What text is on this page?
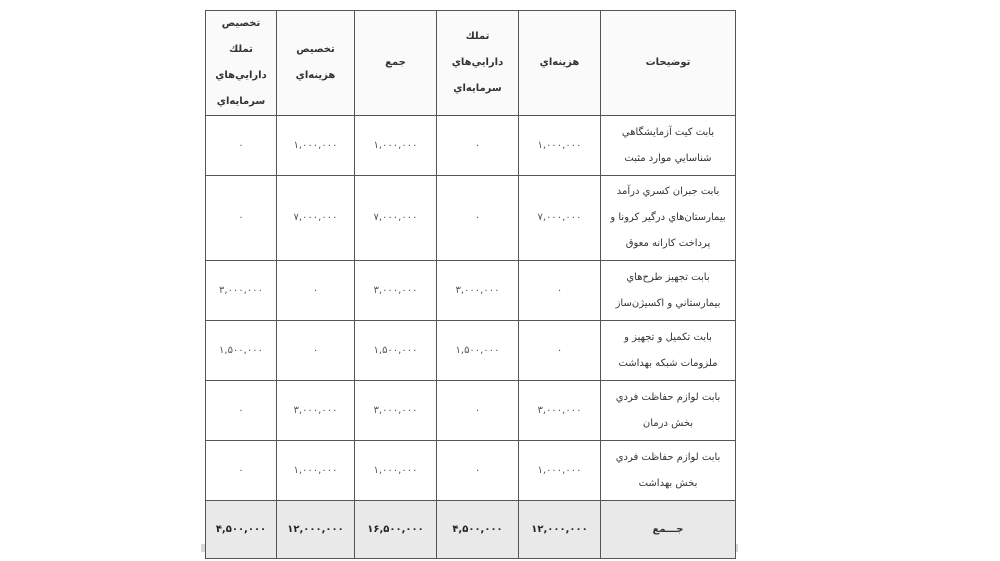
توضيحات	هزينه‌اي	تملك دارايي‌هاي سرمايه‌اي	جمع	تخصيص هزينه‌اي	تخصيص تملك دارايي‌هاي سرمايه‌اي
بابت كيت آزمايشگاهي شناسايي موارد مثبت	۱,۰۰۰,۰۰۰	۰	۱,۰۰۰,۰۰۰	۱,۰۰۰,۰۰۰	۰
بابت جبران كسري درآمد بيمارستان‌هاي درگير كرونا و پرداخت كارانه معوق	۷,۰۰۰,۰۰۰	۰	۷,۰۰۰,۰۰۰	۷,۰۰۰,۰۰۰	۰
بابت تجهيز طرح‌هاي بيمارستاني و اكسيژن‌ساز	۰	۳,۰۰۰,۰۰۰	۳,۰۰۰,۰۰۰	۰	۳,۰۰۰,۰۰۰
بابت تكميل و تجهيز و ملزومات شبكه بهداشت	۰	۱,۵۰۰,۰۰۰	۱,۵۰۰,۰۰۰	۰	۱,۵۰۰,۰۰۰
بابت لوازم حفاظت فردي بخش درمان	۳,۰۰۰,۰۰۰	۰	۳,۰۰۰,۰۰۰	۳,۰۰۰,۰۰۰	۰
بابت لوازم حفاظت فردي بخش بهداشت	۱,۰۰۰,۰۰۰	۰	۱,۰۰۰,۰۰۰	۱,۰۰۰,۰۰۰	۰
جـــمع	۱۲,۰۰۰,۰۰۰	۴,۵۰۰,۰۰۰	۱۶,۵۰۰,۰۰۰	۱۲,۰۰۰,۰۰۰	۴,۵۰۰,۰۰۰
